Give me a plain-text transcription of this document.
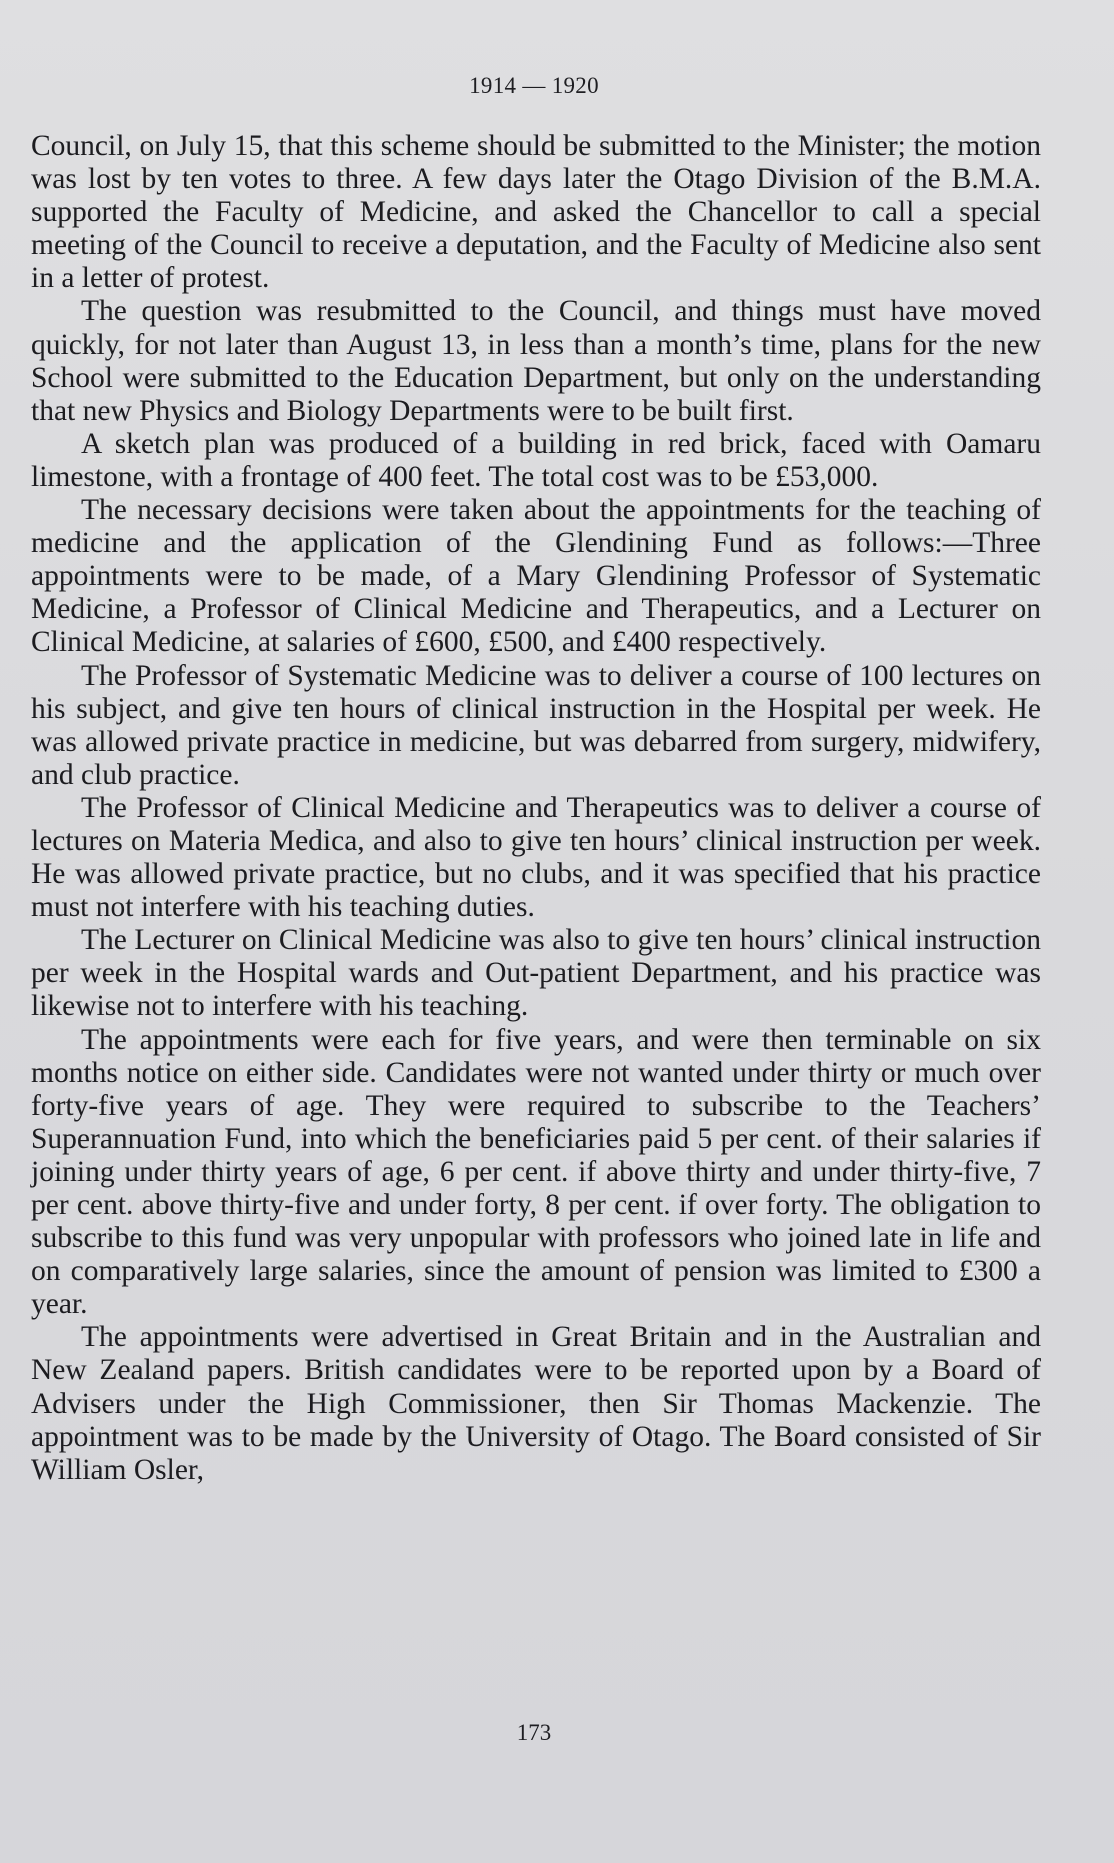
1914 — 1920

Council, on July 15, that this scheme should be submitted to the Minister; the motion was lost by ten votes to three. A few days later the Otago Division of the B.M.A. supported the Faculty of Medicine, and asked the Chancellor to call a special meeting of the Council to receive a deputation, and the Faculty of Medicine also sent in a letter of protest.

The question was resubmitted to the Council, and things must have moved quickly, for not later than August 13, in less than a month’s time, plans for the new School were submitted to the Education Department, but only on the understanding that new Physics and Biology Departments were to be built first.

A sketch plan was produced of a building in red brick, faced with Oamaru limestone, with a frontage of 400 feet. The total cost was to be £53,000.

The necessary decisions were taken about the appointments for the teaching of medicine and the application of the Glendining Fund as follows:—Three appointments were to be made, of a Mary Glendining Professor of Systematic Medicine, a Professor of Clinical Medicine and Therapeutics, and a Lecturer on Clinical Medicine, at salaries of £600, £500, and £400 respectively.

The Professor of Systematic Medicine was to deliver a course of 100 lectures on his subject, and give ten hours of clinical instruction in the Hospital per week. He was allowed private practice in medicine, but was debarred from surgery, midwifery, and club practice.

The Professor of Clinical Medicine and Therapeutics was to deliver a course of lectures on Materia Medica, and also to give ten hours’ clinical instruction per week. He was allowed private practice, but no clubs, and it was specified that his practice must not interfere with his teaching duties.

The Lecturer on Clinical Medicine was also to give ten hours’ clinical instruction per week in the Hospital wards and Out-patient Department, and his practice was likewise not to interfere with his teaching.

The appointments were each for five years, and were then terminable on six months notice on either side. Candidates were not wanted under thirty or much over forty-five years of age. They were required to subscribe to the Teachers’ Superannuation Fund, into which the beneficiaries paid 5 per cent. of their salaries if joining under thirty years of age, 6 per cent. if above thirty and under thirty-five, 7 per cent. above thirty-five and under forty, 8 per cent. if over forty. The obligation to subscribe to this fund was very unpopular with professors who joined late in life and on comparatively large salaries, since the amount of pension was limited to £300 a year.

The appointments were advertised in Great Britain and in the Australian and New Zealand papers. British candidates were to be reported upon by a Board of Advisers under the High Commissioner, then Sir Thomas Mackenzie. The appointment was to be made by the University of Otago. The Board consisted of Sir William Osler,

173
